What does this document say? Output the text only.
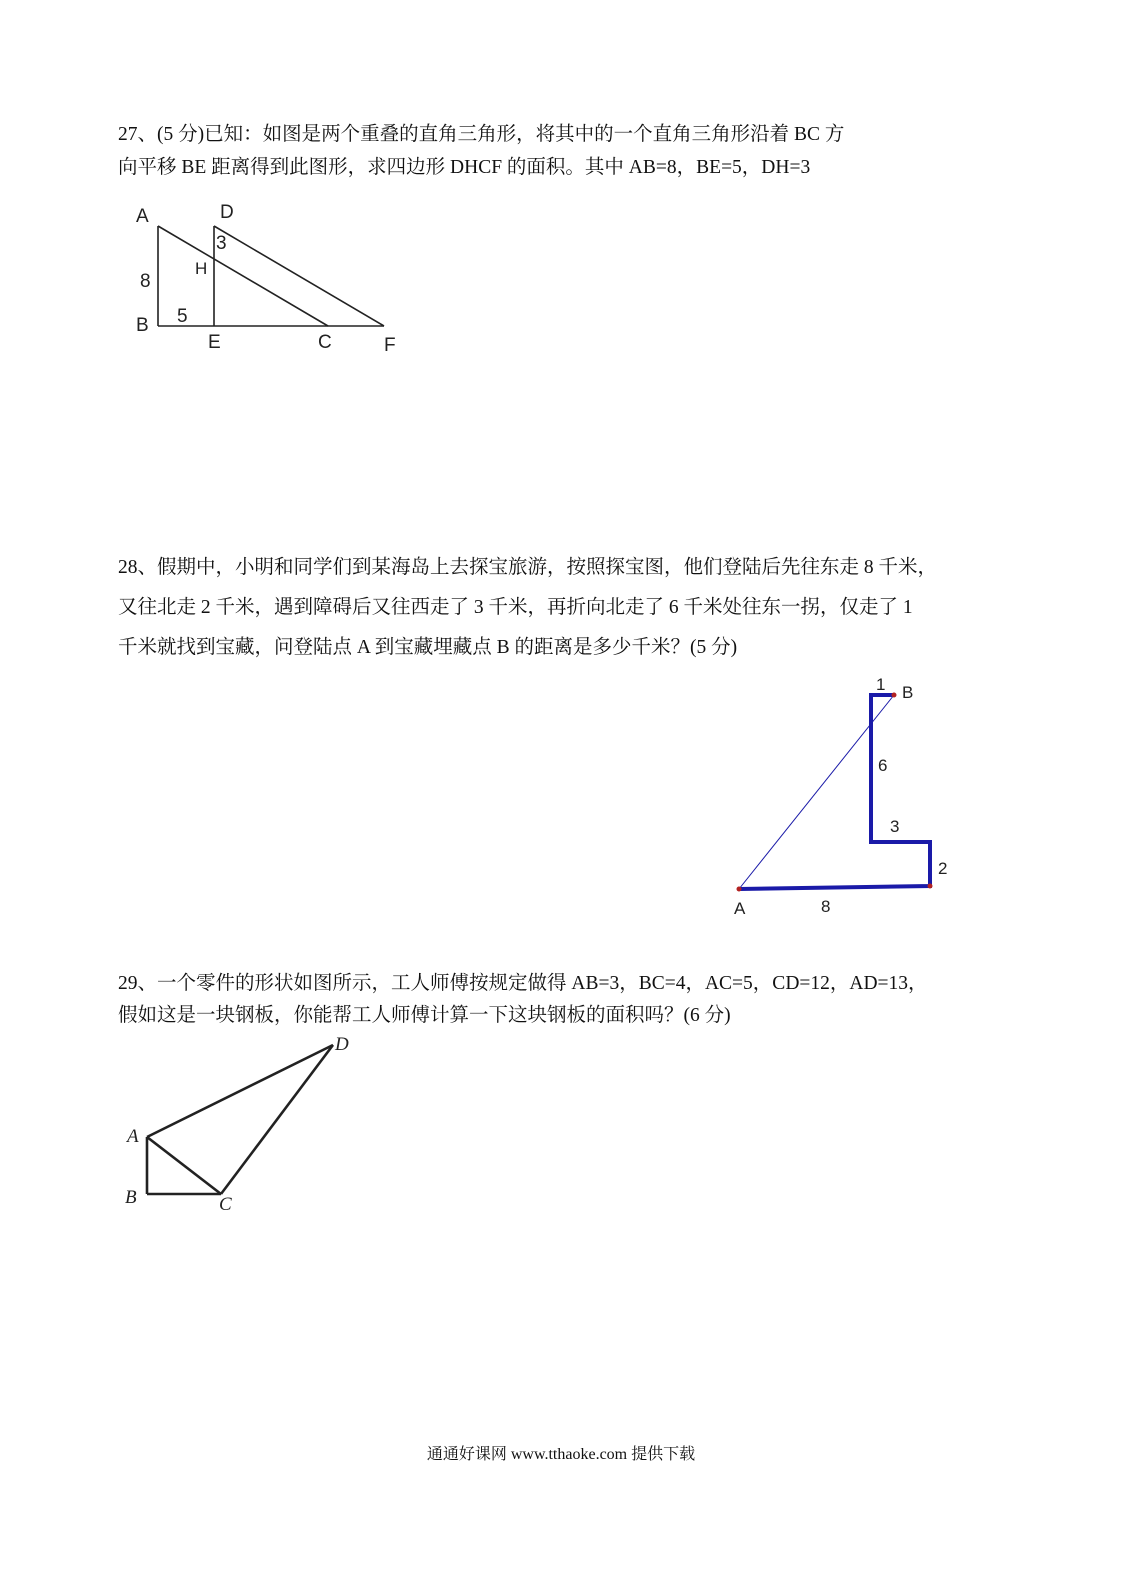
27、(5 分)已知：如图是两个重叠的直角三角形，将其中的一个直角三角形沿着 BC 方
向平移 BE 距离得到此图形，求四边形 DHCF 的面积。其中 AB=8，BE=5，DH=3
A	D
3
H
8
B 5
E	C	F
28、假期中，小明和同学们到某海岛上去探宝旅游，按照探宝图，他们登陆后先往东走 8 千米，
又往北走 2 千米，遇到障碍后又往西走了 3 千米，再折向北走了 6 千米处往东一拐，仅走了 1
千米就找到宝藏，问登陆点 A 到宝藏埋藏点 B 的距离是多少千米？(5 分)
1 B
6
3
2
A	8
29、一个零件的形状如图所示，工人师傅按规定做得 AB=3，BC=4，AC=5，CD=12，AD=13，
假如这是一块钢板，你能帮工人师傅计算一下这块钢板的面积吗？(6 分)
D
A
B	C
通通好课网 www.tthaoke.com 提供下载
